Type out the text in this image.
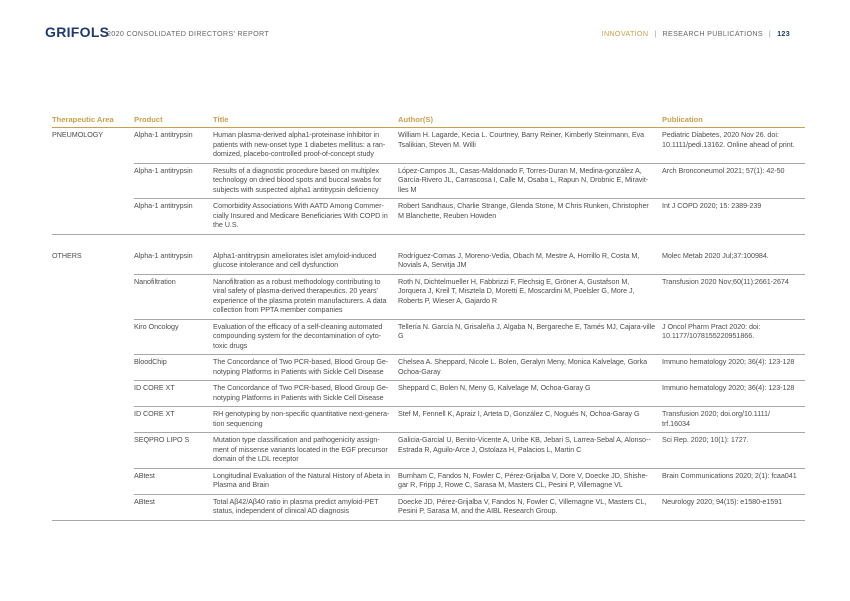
GRIFOLS
2020 CONSOLIDATED DIRECTORS' REPORT	INNOVATION | RESEARCH PUBLICATIONS | 123
Therapeutic Area	Product	Title	Author(S)	Publication
PNEUMOLOGY	Alpha-1 antitrypsin	Human plasma-derived alpha1-proteinase inhibitor in patients with new-onset type 1 diabetes mellitus: a ran-domized, placebo-controlled proof-of-concept study	William H. Lagarde, Kecia L. Courtney, Barry Reiner, Kimberly Steinmann, Eva Tsalikian, Steven M. Willi	Pediatric Diabetes, 2020 Nov 26. doi: 10.1111/pedi.13162. Online ahead of print.
	Alpha-1 antitrypsin	Results of a diagnostic procedure based on multiplex technology on dried blood spots and buccal swabs for subjects with suspected alpha1 antitrypsin deficiency	López-Campos JL, Casas-Maldonado F, Torres-Duran M, Medina-gonzález A, García-Rivero JL, Carrascosa I, Calle M, Osaba L, Rapun N, Drobnic E, Miravit-lles M	Arch Bronconeumol 2021; 57(1): 42-50
	Alpha-1 antitrypsin	Comorbidity Associations With AATD Among Commer-cially Insured and Medicare Beneficiaries With COPD in the U.S.	Robert Sandhaus, Charlie Strange, Glenda Stone, M Chris Runken, Christopher M Blanchette, Reuben Howden	Int J COPD 2020; 15: 2389-239

OTHERS	Alpha-1 antitrypsin	Alpha1-antitrypsin ameliorates islet amyloid-induced glucose intolerance and cell dysfunction	Rodríguez-Comas J, Moreno-Vedia, Obach M, Mestre A, Horrillo R, Costa M, Novials A, Servitja JM	Molec Metab 2020 Jul;37:100984.
	Nanofiltration	Nanofiltration as a robust methodology contributing to viral safety of plasma-derived therapeutics. 20 years' experience of the plasma protein manufacturers. A data collection from PPTA member companies	Roth N, Dichtelmueller H, Fabbrizzi F, Flechsig E, Gröner A, Gustafson M, Jorquera J, Kreil T, Misztela D, Moretti E, Moscardini M, Poelsler G, More J, Roberts P, Wieser A, Gajardo R	Transfusion 2020 Nov;60(11):2661-2674
	Kiro Oncology	Evaluation of the efficacy of a self-cleaning automated compounding system for the decontamination of cyto-toxic drugs	Tellería N. García N, Grisaleña J, Algaba N, Bergareche E, Tamés MJ, Cajara-ville G	J Oncol Pharm Pract 2020: doi: 10.1177/1078155220951866.
	BloodChip	The Concordance of Two PCR-based, Blood Group Ge-notyping Platforms in Patients with Sickle Cell Disease	Chelsea A. Sheppard, Nicole L. Bolen, Geralyn Meny, Monica Kalvelage, Gorka Ochoa-Garay	Immuno hematology 2020; 36(4): 123-128
	ID CORE XT	The Concordance of Two PCR-based, Blood Group Ge-notyping Platforms in Patients with Sickle Cell Disease	Sheppard C, Bolen N, Meny G, Kalvelage M, Ochoa-Garay G	Immuno hematology 2020; 36(4): 123-128
	ID CORE XT	RH genotyping by non-specific quantitative next-genera-tion sequencing	Stef M, Fennell K, Apraiz I, Arteta D, González C, Nogués N, Ochoa-Garay G	Transfusion 2020; doi.org/10.1111/ trf.16034
	SEQPRO LIPO S	Mutation type classification and pathogenicity assign-ment of missense variants located in the EGF precursor domain of the LDL receptor	Galicia-Garcial U, Benito-Vicente A, Uribe KB, Jebari S, Larrea-Sebal A, Alonso--Estrada R, Aguilo-Arce J, Ostolaza H, Palacios L, Martin C	Sci Rep. 2020; 10(1): 1727.
	ABtest	Longitudinal Evaluation of the Natural History of Abeta in Plasma and Brain	Burnham C, Fandos N, Fowler C, Pérez-Grijalba V, Dore V, Doecke JD, Shishe-gar R, Fripp J, Rowe C, Sarasa M, Masters CL, Pesini P, Villemagne VL	Brain Communications 2020; 2(1): fcaa041
	ABtest	Total Aβ42/Aβ40 ratio in plasma predict amyloid-PET status, independent of clinical AD diagnosis	Doecke JD, Pérez-Grijalba V, Fandos N, Fowler C, Villemagne VL, Masters CL, Pesini P, Sarasa M, and the AIBL Research Group.	Neurology 2020; 94(15): e1580-e1591
